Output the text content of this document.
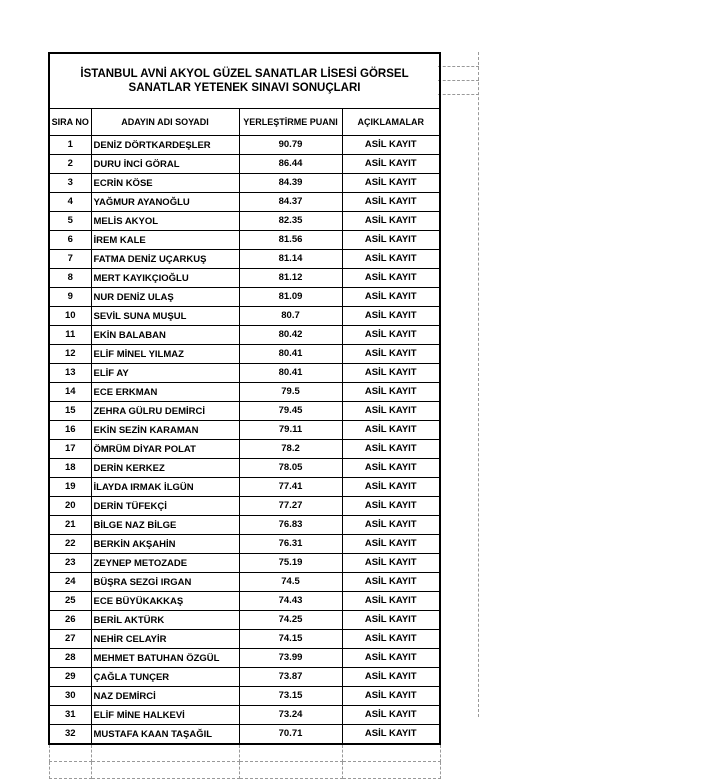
İSTANBUL AVNİ AKYOL GÜZEL SANATLAR LİSESİ GÖRSEL
SANATLAR YETENEK SINAVI SONUÇLARI			

SIRA NO	ADAYIN ADI SOYADI	YERLEŞTİRME PUANI	AÇIKLAMALAR
1	DENİZ DÖRTKARDEŞLER	90.79	ASİL KAYIT
2	DURU İNCİ GÖRAL	86.44	ASİL KAYIT
3	ECRİN KÖSE	84.39	ASİL KAYIT
4	YAĞMUR AYANOĞLU	84.37	ASİL KAYIT
5	MELİS AKYOL	82.35	ASİL KAYIT
6	İREM KALE	81.56	ASİL KAYIT
7	FATMA DENİZ UÇARKUŞ	81.14	ASİL KAYIT
8	MERT KAYIKÇIOĞLU	81.12	ASİL KAYIT
9	NUR DENİZ ULAŞ	81.09	ASİL KAYIT
10	SEVİL SUNA MUŞUL	80.7	ASİL KAYIT
11	EKİN BALABAN	80.42	ASİL KAYIT
12	ELİF MİNEL YILMAZ	80.41	ASİL KAYIT
13	ELİF AY	80.41	ASİL KAYIT
14	ECE ERKMAN	79.5	ASİL KAYIT
15	ZEHRA GÜLRU DEMİRCİ	79.45	ASİL KAYIT
16	EKİN SEZİN KARAMAN	79.11	ASİL KAYIT
17	ÖMRÜM DİYAR POLAT	78.2	ASİL KAYIT
18	DERİN KERKEZ	78.05	ASİL KAYIT
19	İLAYDA IRMAK İLGÜN	77.41	ASİL KAYIT
20	DERİN TÜFEKÇİ	77.27	ASİL KAYIT
21	BİLGE NAZ BİLGE	76.83	ASİL KAYIT
22	BERKİN AKŞAHİN	76.31	ASİL KAYIT
23	ZEYNEP METOZADE	75.19	ASİL KAYIT
24	BÜŞRA SEZGİ IRGAN	74.5	ASİL KAYIT
25	ECE BÜYÜKAKKAŞ	74.43	ASİL KAYIT
26	BERİL AKTÜRK	74.25	ASİL KAYIT
27	NEHİR CELAYİR	74.15	ASİL KAYIT
28	MEHMET BATUHAN ÖZGÜL	73.99	ASİL KAYIT
29	ÇAĞLA TUNÇER	73.87	ASİL KAYIT
30	NAZ DEMİRCİ	73.15	ASİL KAYIT
31	ELİF MİNE HALKEVİ	73.24	ASİL KAYIT
32	MUSTAFA KAAN TAŞAĞIL	70.71	ASİL KAYIT
